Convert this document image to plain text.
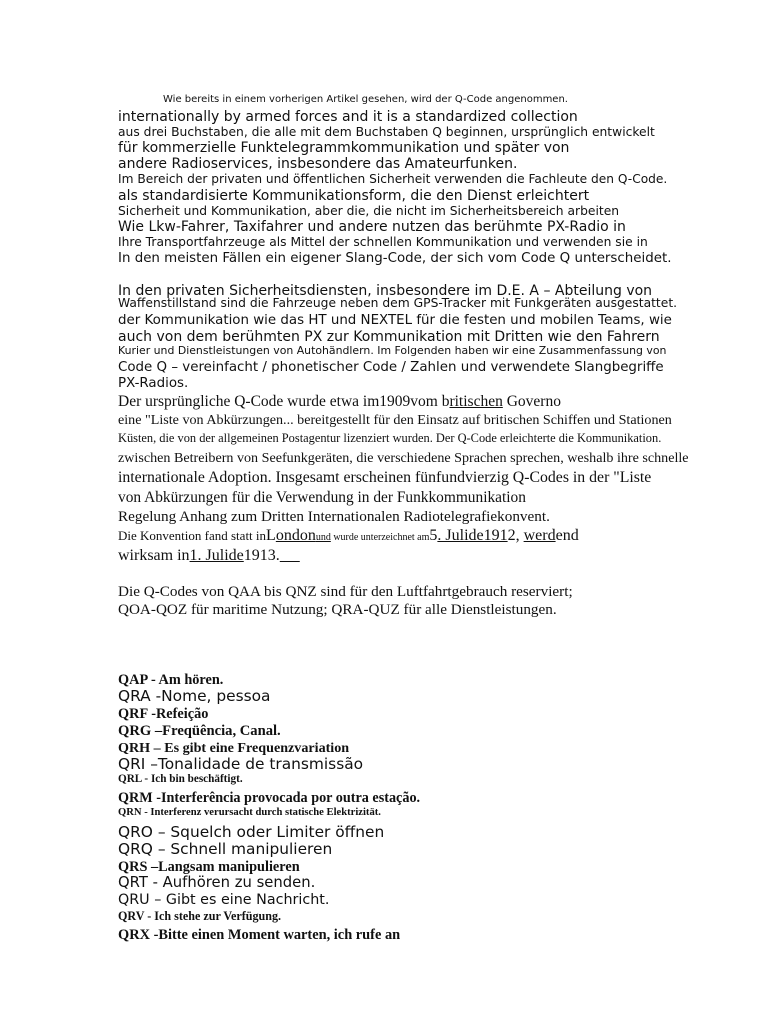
Wie bereits in einem vorherigen Artikel gesehen, wird der Q-Code angenommen.
internationally by armed forces and it is a standardized collection
aus drei Buchstaben, die alle mit dem Buchstaben Q beginnen, ursprünglich entwickelt
für kommerzielle Funktelegrammkommunikation und später von
andere Radioservices, insbesondere das Amateurfunken.
Im Bereich der privaten und öffentlichen Sicherheit verwenden die Fachleute den Q-Code.
als standardisierte Kommunikationsform, die den Dienst erleichtert
Sicherheit und Kommunikation, aber die, die nicht im Sicherheitsbereich arbeiten
Wie Lkw-Fahrer, Taxifahrer und andere nutzen das berühmte PX-Radio in
Ihre Transportfahrzeuge als Mittel der schnellen Kommunikation und verwenden sie in
In den meisten Fällen ein eigener Slang-Code, der sich vom Code Q unterscheidet.
In den privaten Sicherheitsdiensten, insbesondere im D.E. A – Abteilung von
Waffenstillstand sind die Fahrzeuge neben dem GPS-Tracker mit Funkgeräten ausgestattet.
der Kommunikation wie das HT und NEXTEL für die festen und mobilen Teams, wie
auch von dem berühmten PX zur Kommunikation mit Dritten wie den Fahrern
Kurier und Dienstleistungen von Autohändlern. Im Folgenden haben wir eine Zusammenfassung von
Code Q – vereinfacht / phonetischer Code / Zahlen und verwendete Slangbegriffe
PX-Radios.
Der ursprüngliche Q-Code wurde etwa im1909vom britischen Governo
eine "Liste von Abkürzungen... bereitgestellt für den Einsatz auf britischen Schiffen und Stationen
Küsten, die von der allgemeinen Postagentur lizenziert wurden. Der Q-Code erleichterte die Kommunikation.
zwischen Betreibern von Seefunkgeräten, die verschiedene Sprachen sprechen, weshalb ihre schnelle
internationale Adoption. Insgesamt erscheinen fünfundvierzig Q-Codes in der "Liste
von Abkürzungen für die Verwendung in der Funkkommunikation
Regelung Anhang zum Dritten Internationalen Radiotelegrafiekonvent.
Die Konvention fand statt inLondonund wurde unterzeichnet am5. Julide1912, werdend
wirksam in1. Julide1913.
Die Q-Codes von QAA bis QNZ sind für den Luftfahrtgebrauch reserviert;
QOA-QOZ für maritime Nutzung; QRA-QUZ für alle Dienstleistungen.
QAP - Am hören.
QRA -Nome, pessoa
QRF -Refeição
QRG –Freqüência, Canal.
QRH – Es gibt eine Frequenzvariation
QRI –Tonalidade de transmissão
QRL - Ich bin beschäftigt.
QRM -Interferência provocada por outra estação.
QRN - Interferenz verursacht durch statische Elektrizität.
QRO – Squelch oder Limiter öffnen
QRQ – Schnell manipulieren
QRS –Langsam manipulieren
QRT - Aufhören zu senden.
QRU – Gibt es eine Nachricht.
QRV - Ich stehe zur Verfügung.
QRX -Bitte einen Moment warten, ich rufe an
